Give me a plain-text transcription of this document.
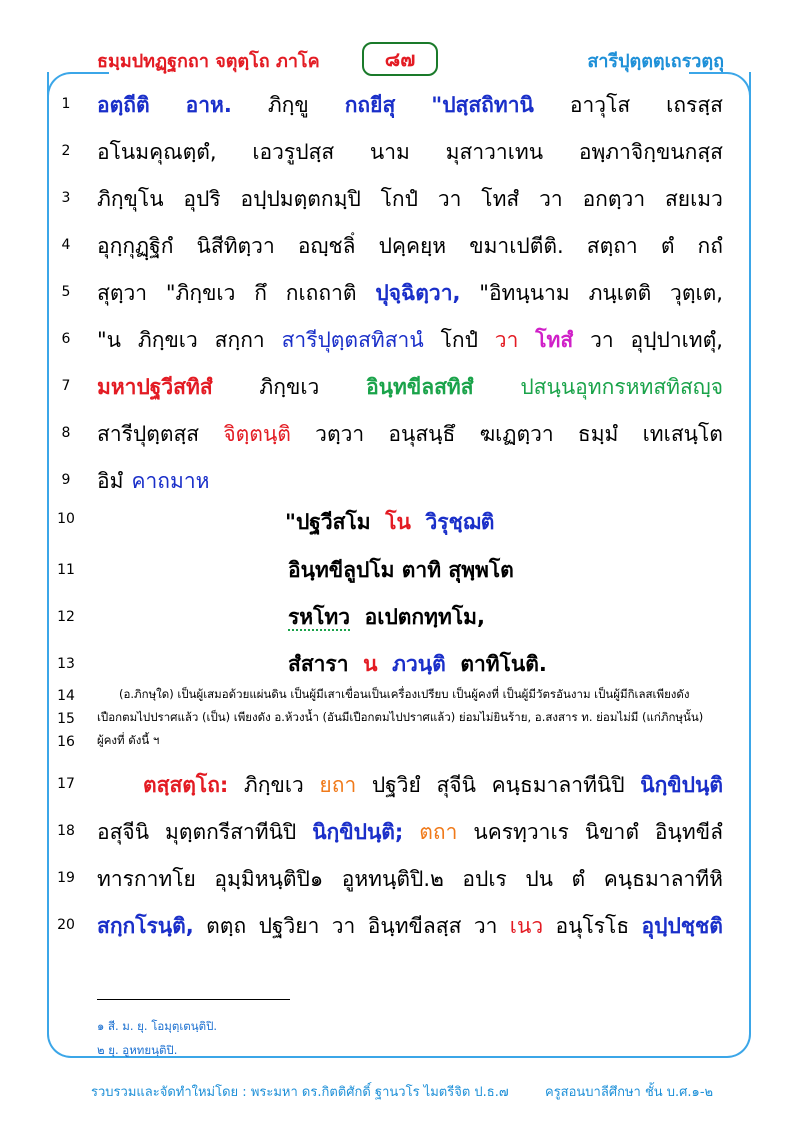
ธมฺมปทฏฺฐกถา จตุตฺโถ ภาโค	๘๗	สารีปุตฺตตฺเถรวตฺถุ
1	อตฺถีติ อาห. ภิกฺขู กถยีสุ "ปสฺสถิทานิ อาวุโส เถรสฺส
2	อโนมคุณตฺตํ, เอวรูปสฺส นาม มุสาวาเทน อพฺภาจิกฺขนกสฺส
3	ภิกฺขุโน อุปริ อปฺปมตฺตกมฺปิ โกปํ วา โทสํ วา อกตฺวา สยเมว
4	อุกฺกุฏฺฐิกํ นิสีทิตฺวา อญฺชลิํ ปคฺคยฺห ขมาเปตีติ. สตฺถา ตํ กถํ
5	สุตฺวา "ภิกฺขเว กึ กเถถาติ ปุจฺฉิตฺวา, "อิทนฺนาม ภนฺเตติ วุตฺเต,
6	"น ภิกฺขเว สกฺกา สารีปุตฺตสทิสานํ โกปํ วา โทสํ วา อุปฺปาเทตุํ,
7	มหาปฐวีสทิสํ ภิกฺขเว อินฺทขีลสทิสํ ปสนฺนอุทกรหทสทิสญฺจ
8	สารีปุตฺตสฺส จิตฺตนฺติ วตฺวา อนุสนฺธึ ฆเฏตฺวา ธมฺมํ เทเสนฺโต
9	อิมํ คาถมาห
10	"ปฐวีสโม โน วิรุชฺฌติ
11	อินฺทขีลูปโม ตาทิ สุพฺพโต
12	รหโทว อเปตกทฺทโม,
13	สํสารา น ภวนฺติ ตาทิโนติ.
14	(อ.ภิกษุใด) เป็นผู้เสมอด้วยแผ่นดิน เป็นผู้มีเสาเขื่อนเป็นเครื่องเปรียบ เป็นผู้คงที่ เป็นผู้มีวัตรอันงาม เป็นผู้มีกิเลสเพียงดัง
15	เปือกตมไปปราศแล้ว (เป็น) เพียงดัง อ.ห้วงน้ำ (อันมีเปือกตมไปปราศแล้ว) ย่อมไม่ยินร้าย, อ.สงสาร ท. ย่อมไม่มี (แก่ภิกษุนั้น)
16	ผู้คงที่ ดังนี้ ฯ
17	ตสฺสตฺโถ: ภิกฺขเว ยถา ปฐวิยํ สุจีนิ คนฺธมาลาทีนิปิ นิกฺขิปนฺติ
18 อสุจีนิ มุตฺตกรีสาทีนิปิ นิกฺขิปนฺติ; ตถา นครทฺวาเร นิขาตํ อินฺทขีลํ
19 ทารกาทโย อุมฺมิหนฺติปิ๑ อูหทนฺติปิ.๒ อปเร ปน ตํ คนฺธมาลาทีหิ
20 สกฺกโรนฺติ, ตตฺถ ปฐวิยา วา อินฺทขีลสฺส วา เนว อนุโรโธ อุปฺปชฺชติ
๑ สี. ม. ยุ. โอมุตฺเตนฺติปิ.
๒ ยุ. อูหทยนฺติปิ.
รวบรวมและจัดทำใหม่โดย : พระมหา ดร.กิตติศักดิ์ ฐานวโร ไมตรีจิต ป.ธ.๗	ครูสอนบาลีศึกษา ชั้น บ.ศ.๑-๒
